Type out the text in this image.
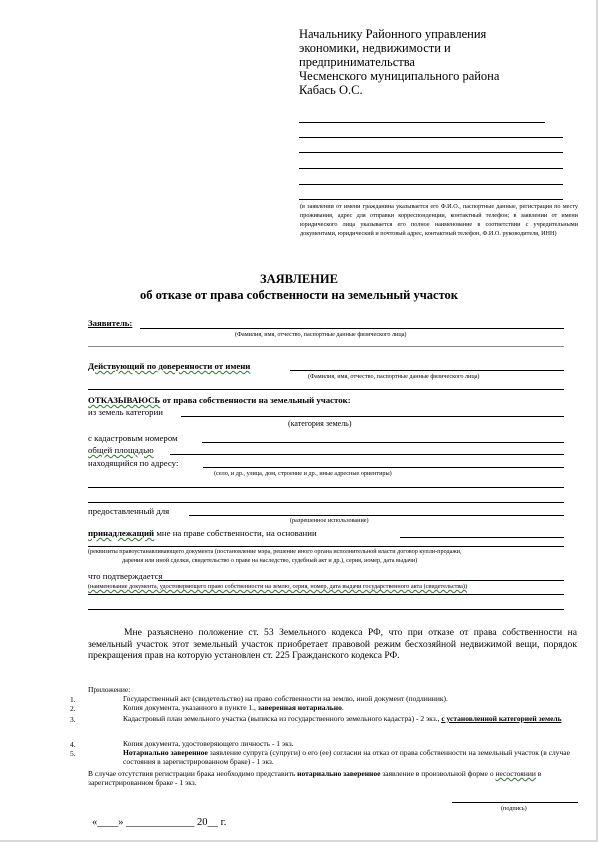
Начальнику Районного управления
экономики, недвижимости и
предпринимательства
Чесменского муниципального района
Кабась О.С.
(в заявлении от имени гражданина указывается его Ф.И.О., паспортные данные, регистрация по месту проживания, адрес для отправки корреспонденции, контактный телефон; в заявлении от имени юридического лица указывается его полное наименование в соответствии с учредительными документами, юридический и почтовый адрес, контактный телефон, Ф.И.О. руководителя, ИНН)
ЗАЯВЛЕНИЕ
об отказе от права собственности на земельный участок
Заявитель:
(Фамилия, имя, отчество, паспортные данные физического лица)
Действующий по доверенности от имени
(Фамилия, имя, отчество, паспортные данные физического лица)
ОТКАЗЫВАЮСЬ от права собственности на земельный участок:
из земель категории
(категория земель)
с кадастровым номером
общей площадью
находящийся по адресу:
(село, и др., улица, дом, строение и др., иные адресные ориентиры)
предоставленный для
(разрешенное использование)
принадлежащий мне на праве собственности, на основании
(реквизиты правоустанавливающего документа (постановление мэра, решение иного органа исполнительной власти договор купли-продажи,
дарения или иной сделки, свидетельство о праве на наследство, судебный акт и др.), серия, номер, дата выдачи)
что подтверждается
(наименование документа, удостоверяющего право собственности на землю, серия, номер, дата выдачи государственного акта (свидетельства))
Мне разъяснено положение ст. 53 Земельного кодекса РФ, что при отказе от права собственности на земельный участок этот земельный участок приобретает правовой режим бесхозяйной недвижимой вещи, порядок прекращения прав на которую установлен ст. 225 Гражданского кодекса РФ.
Приложение:
1.	Государственный акт (свидетельство) на право собственности на землю, иной документ (подлинник).
2.	Копия документа, указанного в пункте 1., заверенная нотариально.
3.	Кадастровый план земельного участка (выписка из государственного земельного кадастра) - 2 экз., с установленной категорией земель
4.	Копия документа, удостоверяющего личность - 1 экз.
5.	Нотариально заверенное заявление супруга (супруги) о его (ее) согласии на отказ от права собственности на земельный участок (в случае состояния в зарегистрированном браке) - 1 экз.
В случае отсутствия регистрации брака необходимо представить нотариально заверенное заявление в произвольной форме о несостоянии в зарегистрированном браке - 1 экз.
(подпись)
«____» _____________ 20__ г.
